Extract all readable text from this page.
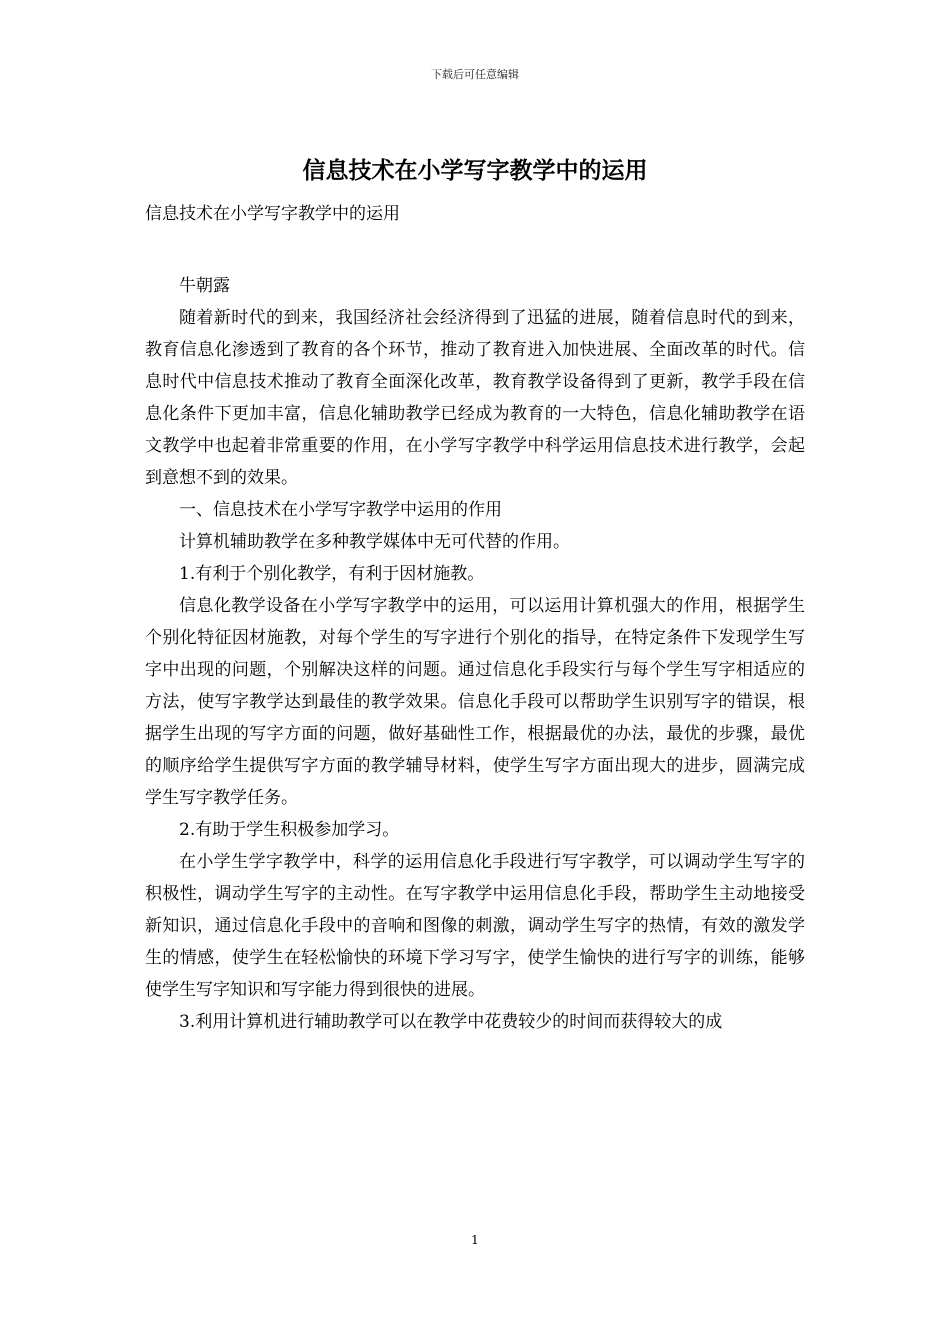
下载后可任意编辑
信息技术在小学写字教学中的运用

信息技术在小学写字教学中的运用

牛朝露

随着新时代的到来，我国经济社会经济得到了迅猛的进展，随着信息时代的到来，教育信息化渗透到了教育的各个环节，推动了教育进入加快进展、全面改革的时代。信息时代中信息技术推动了教育全面深化改革，教育教学设备得到了更新，教学手段在信息化条件下更加丰富，信息化辅助教学已经成为教育的一大特色，信息化辅助教学在语文教学中也起着非常重要的作用，在小学写字教学中科学运用信息技术进行教学，会起到意想不到的效果。

一、信息技术在小学写字教学中运用的作用

计算机辅助教学在多种教学媒体中无可代替的作用。

1.有利于个别化教学，有利于因材施教。

信息化教学设备在小学写字教学中的运用，可以运用计算机强大的作用，根据学生个别化特征因材施教，对每个学生的写字进行个别化的指导，在特定条件下发现学生写字中出现的问题，个别解决这样的问题。通过信息化手段实行与每个学生写字相适应的方法，使写字教学达到最佳的教学效果。信息化手段可以帮助学生识别写字的错误，根据学生出现的写字方面的问题，做好基础性工作，根据最优的办法，最优的步骤，最优的顺序给学生提供写字方面的教学辅导材料，使学生写字方面出现大的进步，圆满完成学生写字教学任务。

2.有助于学生积极参加学习。

在小学生学字教学中，科学的运用信息化手段进行写字教学，可以调动学生写字的积极性，调动学生写字的主动性。在写字教学中运用信息化手段，帮助学生主动地接受新知识，通过信息化手段中的音响和图像的刺激，调动学生写字的热情，有效的激发学生的情感，使学生在轻松愉快的环境下学习写字，使学生愉快的进行写字的训练，能够使学生写字知识和写字能力得到很快的进展。

3.利用计算机进行辅助教学可以在教学中花费较少的时间而获得较大的成

1
